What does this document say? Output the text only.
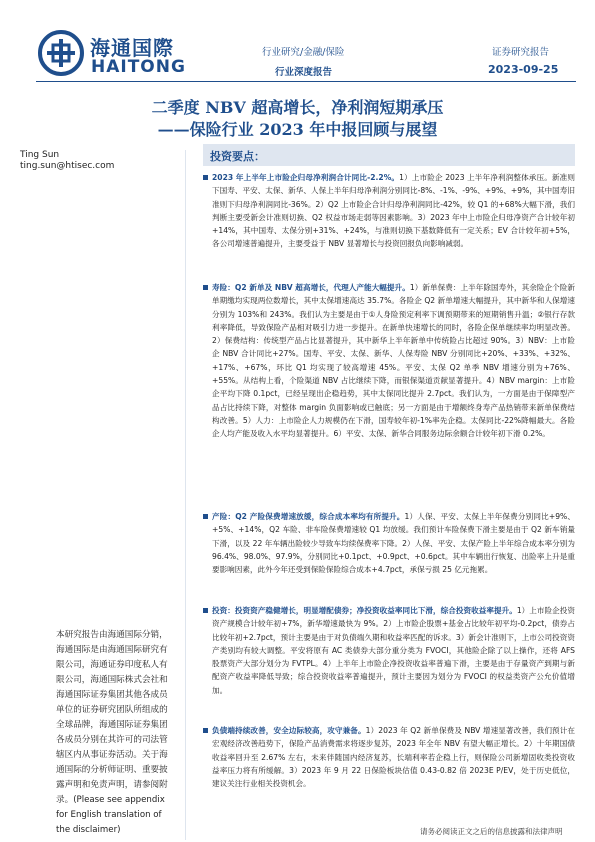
海通国際
HAITONG
行业研究/金融/保险
行业深度报告
证券研究报告
2023-09-25
二季度 NBV 超高增长，净利润短期承压
——保险行业 2023 年中报回顾与展望
Ting Sun
ting.sun@htisec.com
投资要点：
2023 年上半年上市险企归母净利润合计同比-2.2%。1）上市险企 2023 上半年净利润整体承压。新准则下国寿、平安、太保、新华、人保上半年归母净利润分别同比-8%、-1%、-9%、+9%、+9%，其中国寿旧准则下归母净利润同比-36%。2）Q2 上市险企合计归母净利润同比-42%，较 Q1 的+68%大幅下滑，我们判断主要受新会计准则切换、Q2 权益市场走弱等因素影响。3）2023 年中上市险企归母净资产合计较年初+14%，其中国寿、太保分别+31%、+24%，与准则切换下基数降低有一定关系；EV 合计较年初+5%，各公司增速普遍提升，主要受益于 NBV 显著增长与投资回报负向影响减弱。
寿险：Q2 新单及 NBV 超高增长，代理人产能大幅提升。1）新单保费：上半年除国寿外，其余险企个险新单期缴均实现两位数增长，其中太保增速高达 35.7%。各险企 Q2 新单增速大幅提升，其中新华和人保增速分别为 103%和 243%。我们认为主要是由于①人身险预定利率下调预期带来的短期销售升温；②银行存款利率降低，导致保险产品相对吸引力进一步提升。在新单快速增长的同时，各险企保单继续率均明显改善。2）保费结构：传统型产品占比显著提升，其中新华上半年新单中传统险占比超过 90%。3）NBV：上市险企 NBV 合计同比+27%。国寿、平安、太保、新华、人保寿险 NBV 分别同比+20%、+33%、+32%、+17%、+67%，环比 Q1 均实现了较高增速 45%。平安、太保 Q2 单季 NBV 增速分别为+76%、+55%。从结构上看，个险渠道 NBV 占比继续下降，而银保渠道贡献显著提升。4）NBV margin：上市险企平均下降 0.1pct，已经呈现出企稳趋势，其中太保同比提升 2.7pct。我们认为，一方面是由于保障型产品占比持续下降，对整体 margin 负面影响或已触底；另一方面是由于增额终身寿产品热销带来新单保费结构改善。5）人力：上市险企人力规模仍在下滑，国寿较年初-1%率先企稳。太保同比-22%降幅最大。各险企人均产能及收入水平均显著提升。6）平安、太保、新华合同服务边际余额合计较年初下滑 0.2%。
产险：Q2 产险保费增速放缓，综合成本率均有所提升。1）人保、平安、太保上半年保费分别同比+9%、+5%、+14%，Q2 车险、非车险保费增速较 Q1 均放缓。我们预计车险保费下滑主要是由于 Q2 新车销量下滑，以及 22 年车辆出险较少导致车均续保费率下降。2）人保、平安、太保产险上半年综合成本率分别为 96.4%、98.0%、97.9%，分别同比+0.1pct、+0.9pct、+0.6pct。其中车辆出行恢复、出险率上升是重要影响因素，此外今年还受到保险保险综合成本+4.7pct，承保亏损 25 亿元拖累。
投资：投资资产稳健增长，明显增配债券；净投资收益率同比下滑，综合投资收益率提升。1）上市险企投资资产规模合计较年初+7%，新华增速最快为 9%。2）上市险企股票+基金占比较年初平均-0.2pct，债券占比较年初+2.7pct，预计主要是由于对负债端久期和收益率匹配的诉求。3）新会计准则下，上市公司投资资产类别均有较大调整。平安将原有 AC 类债券大部分重分类为 FVOCI，其他险企除了以上操作，还将 AFS 股票资产大部分划分为 FVTPL。4）上半年上市险企净投资收益率普遍下滑，主要是由于存量资产到期与新配资产收益率降低导致；综合投资收益率普遍提升，预计主要因为划分为 FVOCI 的权益类资产公允价值增加。
负债端持续改善，安全边际较高，攻守兼备。1）2023 年 Q2 新单保费及 NBV 增速显著改善，我们预计在宏观经济改善趋势下，保险产品消费需求将逐步复苏，2023 年全年 NBV 有望大幅正增长。2）十年期国债收益率回升至 2.67% 左右，未来伴随国内经济复苏，长端利率若企稳上行，则保险公司新增固收类投资收益率压力将有所缓解。3）2023 年 9 月 22 日保险板块估值 0.43-0.82 倍 2023E P/EV，处于历史低位，建议关注行业相关投资机会。
本研究报告由海通国际分销，海通国际是由海通国际研究有限公司，海通证券印度私人有限公司，海通国际株式会社和海通国际证券集团其他各成员单位的证券研究团队所组成的全球品牌，海通国际证券集团各成员分别在其许可的司法管辖区内从事证券活动。关于海通国际的分析师证明、重要披露声明和免责声明，请参阅附录。(Please see appendix for English translation of the disclaimer)	请务必阅读正文之后的信息披露和法律声明
